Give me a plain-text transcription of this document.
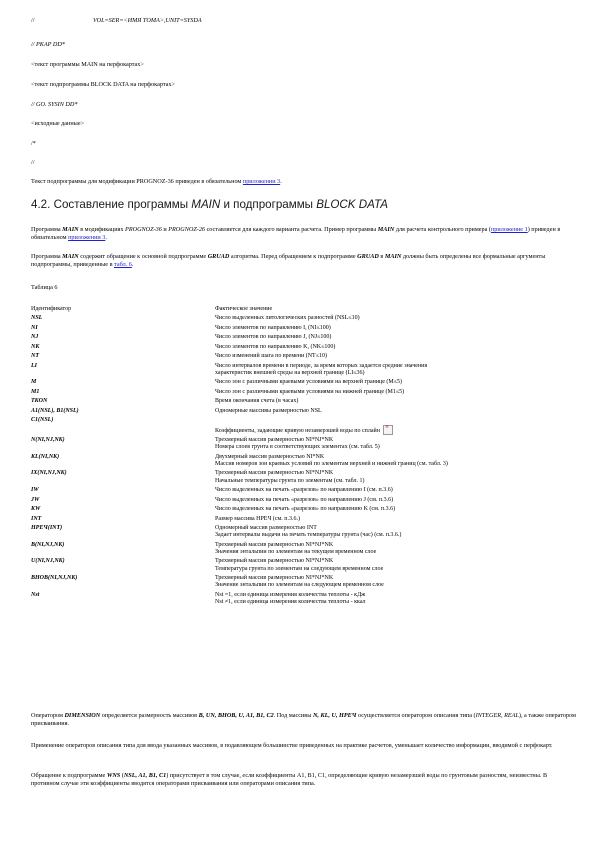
//	VOL=SER=<ИМЯ ТОМА>,UNIT=SYSDA
// PKAP DD*
<текст программы MAIN на перфокартах>
<текст подпрограммы BLOCK DATA на перфокартах>
// GO. SYSIN DD*
<исходные данные>
/*
//
Текст подпрограммы для модификации PROGNOZ-36 приведен в обязательном приложении 3.
4.2. Составление программы MAIN и подпрограммы BLOCK DATA
Программа MAIN в модификациях PROGNOZ-36 и PROGNOZ-26 составляется для каждого варианта расчета. Пример программы MAIN для расчета контрольного примера (приложение 1) приведен в обязательном приложении 3.
Программа MAIN содержит обращение к основной подпрограмме GRUAD алгоритма. Перед обращением к подпрограмме GRUAD в MAIN должны быть определены все формальные аргументы подпрограммы, приведенные в табл. 6.
Таблица 6
Идентификатор	Фактическое значение

NSL	Число выделенных литологических разностей (NSL≤10)

NI	Число элементов по направлению I, (NI≤100)

NJ	Число элементов по направлению J, (NJ≤100)

NK	Число элементов по направлению K, (NK≤100)

NT	Число изменений шага по времени (NT≤10)

LI	Число интервалов времени в периоде, за время которых задается средние значения
характеристик внешней среды на верхней границе (LI≤36)

M	Число зон с различными краевыми условиями на верхней границе (M≤5)

M1	Число зон с различными краевыми условиями на нижней границе (M1≤5)

TKON	Время окончания счета (в часах)

A1(NSL), B1(NSL)	Одномерные массивы размерностью NSL

C1(NSL)	Коэффициенты, задающие кривую незамерзшей воды по сплайн×

N(NI,NJ,NK)	Трехмерный массив размерностью NI*NJ*NK
Номера слоев грунта в соответствующих элементах (см. табл. 5)

KL(NI,NK)	Двухмерный массив размерностью NI*NK
Массив номеров зон краевых условий по элементам верхней и нижней границ (см. табл. 3)

IX(NI,NJ,NK)	Трехмерный массив размерностью NI*NJ*NK
Начальные температуры грунта по элементам (см. табл. 1)

IW	Число выделенных на печать «разрезов» по направлению I (см. п.3.6)

JW	Число выделенных на печать «разрезов» по направлению J (см. п.3.6)

KW	Число выделенных на печать «разрезов» по направлению K (см. п.3.6)

INT	Размер массива НРЕЧ (см. п.3.6.)

НРЕЧ(INT)	Одномерный массив размерностью INT
Задает интервалы выдачи на печать температуры грунта (час) (см. п.3.6.)

В(NI,NJ,NK)	Трехмерный массив размерностью NI*NJ*NK
Значения энтальпии по элементам на текущем временном слое

U(NI,NJ,NK)	Трехмерный массив размерностью NI*NJ*NK
Температура грунта по элементам на следующем временном слое

ВНОВ(NI,NJ,NK)	Трехмерный массив размерностью NI*NJ*NK
Значение энтальпии по элементам на следующем временном слое

Nst	Nst =1, если единица измерения количества теплоты - кДж
Nst ≠1, если единица измерения количества теплоты - ккал

Оператором DIMENSION определяется размерность массивов В, UN, ВНОВ, U, A1, В1, C2. Под массивы N, KL, U, НРЕЧ осуществляется оператором описания типа (INTEGER, REAL), а также оператором присваивания.
Применение операторов описания типа для ввода указанных массивов, в подавляющем большинстве приведенных на практике расчетов, уменьшает количество информации, вводимой с перфокарт.
Обращение к подпрограмме WNS (NSL, A1, B1, C1) присутствует в том случае, если коэффициенты A1, B1, C1, определяющие кривую незамерзшей воды по грунтовым разностям, неизвестны. В противном случае эти коэффициенты вводятся операторами присваивания или операторами описания типа.
